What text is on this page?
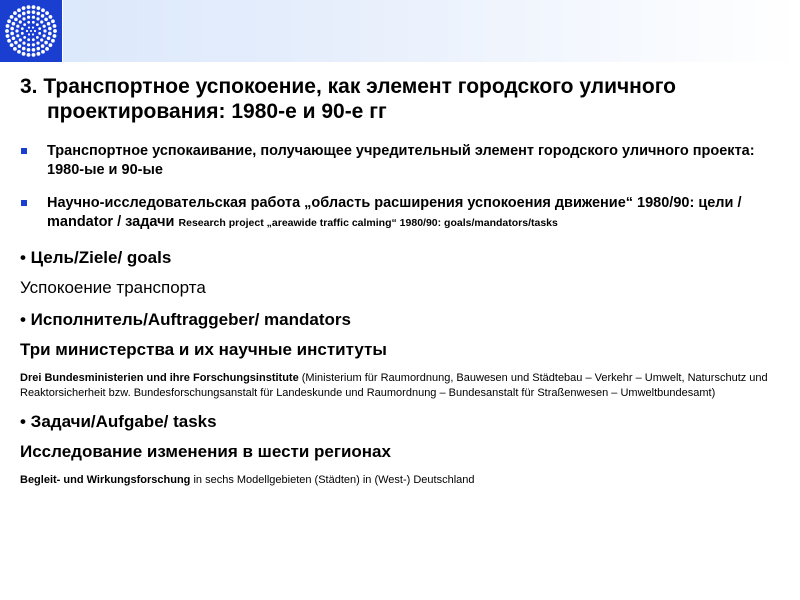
3. Транспортное успокоение, как элемент городского уличного проектирования: 1980-е и 90-е гг
Транспортное успокаивание, получающее учредительный элемент городского уличного проекта: 1980-ые и 90-ые
Научно-исследовательская работа „область расширения успокоения движение“ 1980/90: цели / mandator / задачи Research project „areawide traffic calming“ 1980/90: goals/mandators/tasks
• Цель/Ziele/ goals
Успокоение транспорта
• Исполнитель/Auftraggeber/ mandators
Три министерства и их научные институты
Drei Bundesministerien und ihre Forschungsinstitute (Ministerium für Raumordnung, Bauwesen und Städtebau – Verkehr – Umwelt, Naturschutz und Reaktorsicherheit bzw. Bundesforschungsanstalt für Landeskunde und Raumordnung – Bundesanstalt für Straßenwesen – Umweltbundesamt)
• Задачи/Aufgabe/ tasks
Исследование изменения в шести регионах
Begleit- und Wirkungsforschung in sechs Modellgebieten (Städten) in (West-) Deutschland
